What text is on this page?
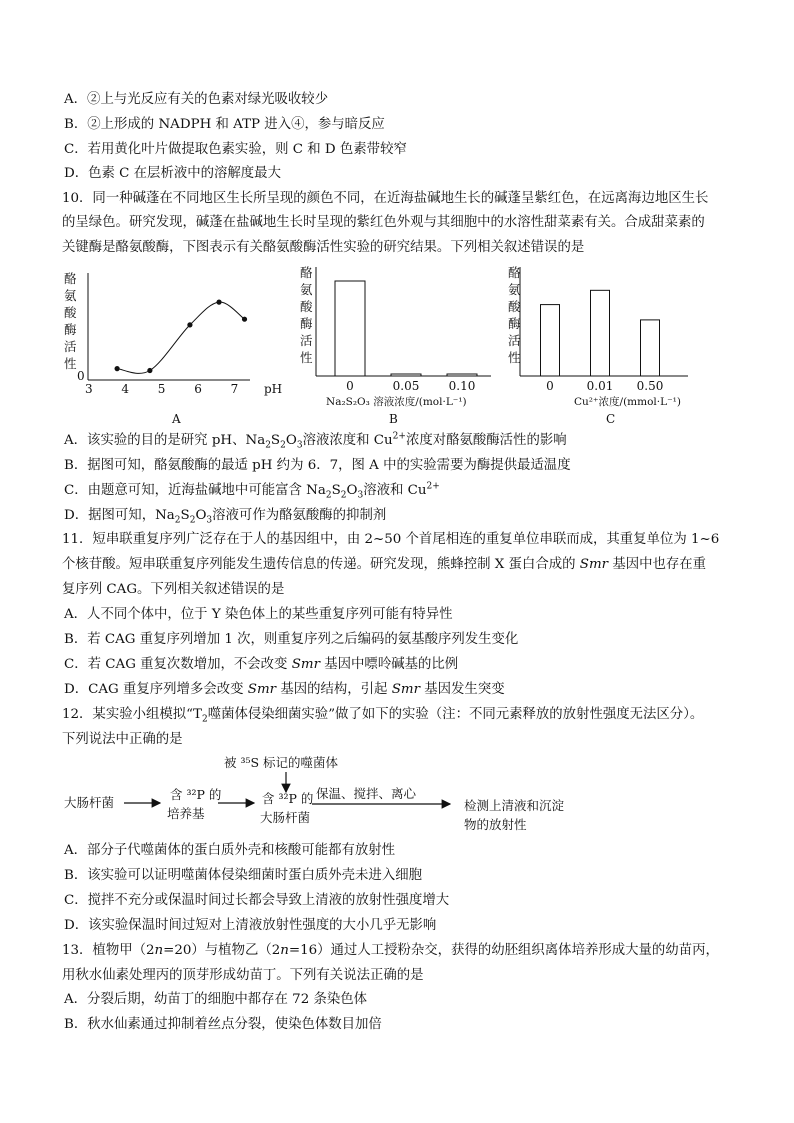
A．②上与光反应有关的色素对绿光吸收较少
B．②上形成的 NADPH 和 ATP 进入④，参与暗反应
C．若用黄化叶片做提取色素实验，则 C 和 D 色素带较窄
D．色素 C 在层析液中的溶解度最大
10．同一种碱蓬在不同地区生长所呈现的颜色不同，在近海盐碱地生长的碱蓬呈紫红色，在远离海边地区生长
的呈绿色。研究发现，碱蓬在盐碱地生长时呈现的紫红色外观与其细胞中的水溶性甜菜素有关。合成甜菜素的
关键酶是酪氨酸酶，下图表示有关酪氨酸酶活性实验的研究结果。下列相关叙述错误的是
酪
氨
酸
酶
活
性
3 4 5 6 7
0
pH
A
酪
氨
酸
酶
活
性
0	0.05 0.10
Na₂S₂O₃ 溶液浓度/(mol·L⁻¹)
B
酪
氨
酸
酶
活
性
0	0.01 0.50
Cu²⁺浓度/(mmol·L⁻¹)
C
A．该实验的目的是研究 pH、$Na_2S_2O_3$溶液浓度和 $Cu^{2+}$浓度对酪氨酸酶活性的影响
B．据图可知，酪氨酸酶的最适 pH 约为 6．7，图 A 中的实验需要为酶提供最适温度
C．由题意可知，近海盐碱地中可能富含 $Na_2S_2O_3$溶液和 $Cu^{2+}$
D．据图可知，$Na_2S_2O_3$溶液可作为酪氨酸酶的抑制剂
11．短串联重复序列广泛存在于人的基因组中，由 2~50 个首尾相连的重复单位串联而成，其重复单位为 1~6
个核苷酸。短串联重复序列能发生遗传信息的传递。研究发现，熊蜂控制 X 蛋白合成的 Smr 基因中也存在重
复序列 CAG。下列相关叙述错误的是
A．人不同个体中，位于 Y 染色体上的某些重复序列可能有特异性
B．若 CAG 重复序列增加 1 次，则重复序列之后编码的氨基酸序列发生变化
C．若 CAG 重复次数增加，不会改变 Smr 基因中嘌呤碱基的比例
D．CAG 重复序列增多会改变 Smr 基因的结构，引起 Smr 基因发生突变
12．某实验小组模拟“$T_2$噬菌体侵染细菌实验”做了如下的实验（注：不同元素释放的放射性强度无法区分）。
下列说法中正确的是
被 ³⁵S 标记的噬菌体
大肠杆菌
含 ³²P 的
培养基
含 ³²P 的
大肠杆菌
保温、搅拌、离心
检测上清液和沉淀
物的放射性
A．部分子代噬菌体的蛋白质外壳和核酸可能都有放射性
B．该实验可以证明噬菌体侵染细菌时蛋白质外壳未进入细胞
C．搅拌不充分或保温时间过长都会导致上清液的放射性强度增大
D．该实验保温时间过短对上清液放射性强度的大小几乎无影响
13．植物甲（2n=20）与植物乙（2n=16）通过人工授粉杂交，获得的幼胚组织离体培养形成大量的幼苗丙，
用秋水仙素处理丙的顶芽形成幼苗丁。下列有关说法正确的是
A．分裂后期，幼苗丁的细胞中都存在 72 条染色体
B．秋水仙素通过抑制着丝点分裂，使染色体数目加倍
